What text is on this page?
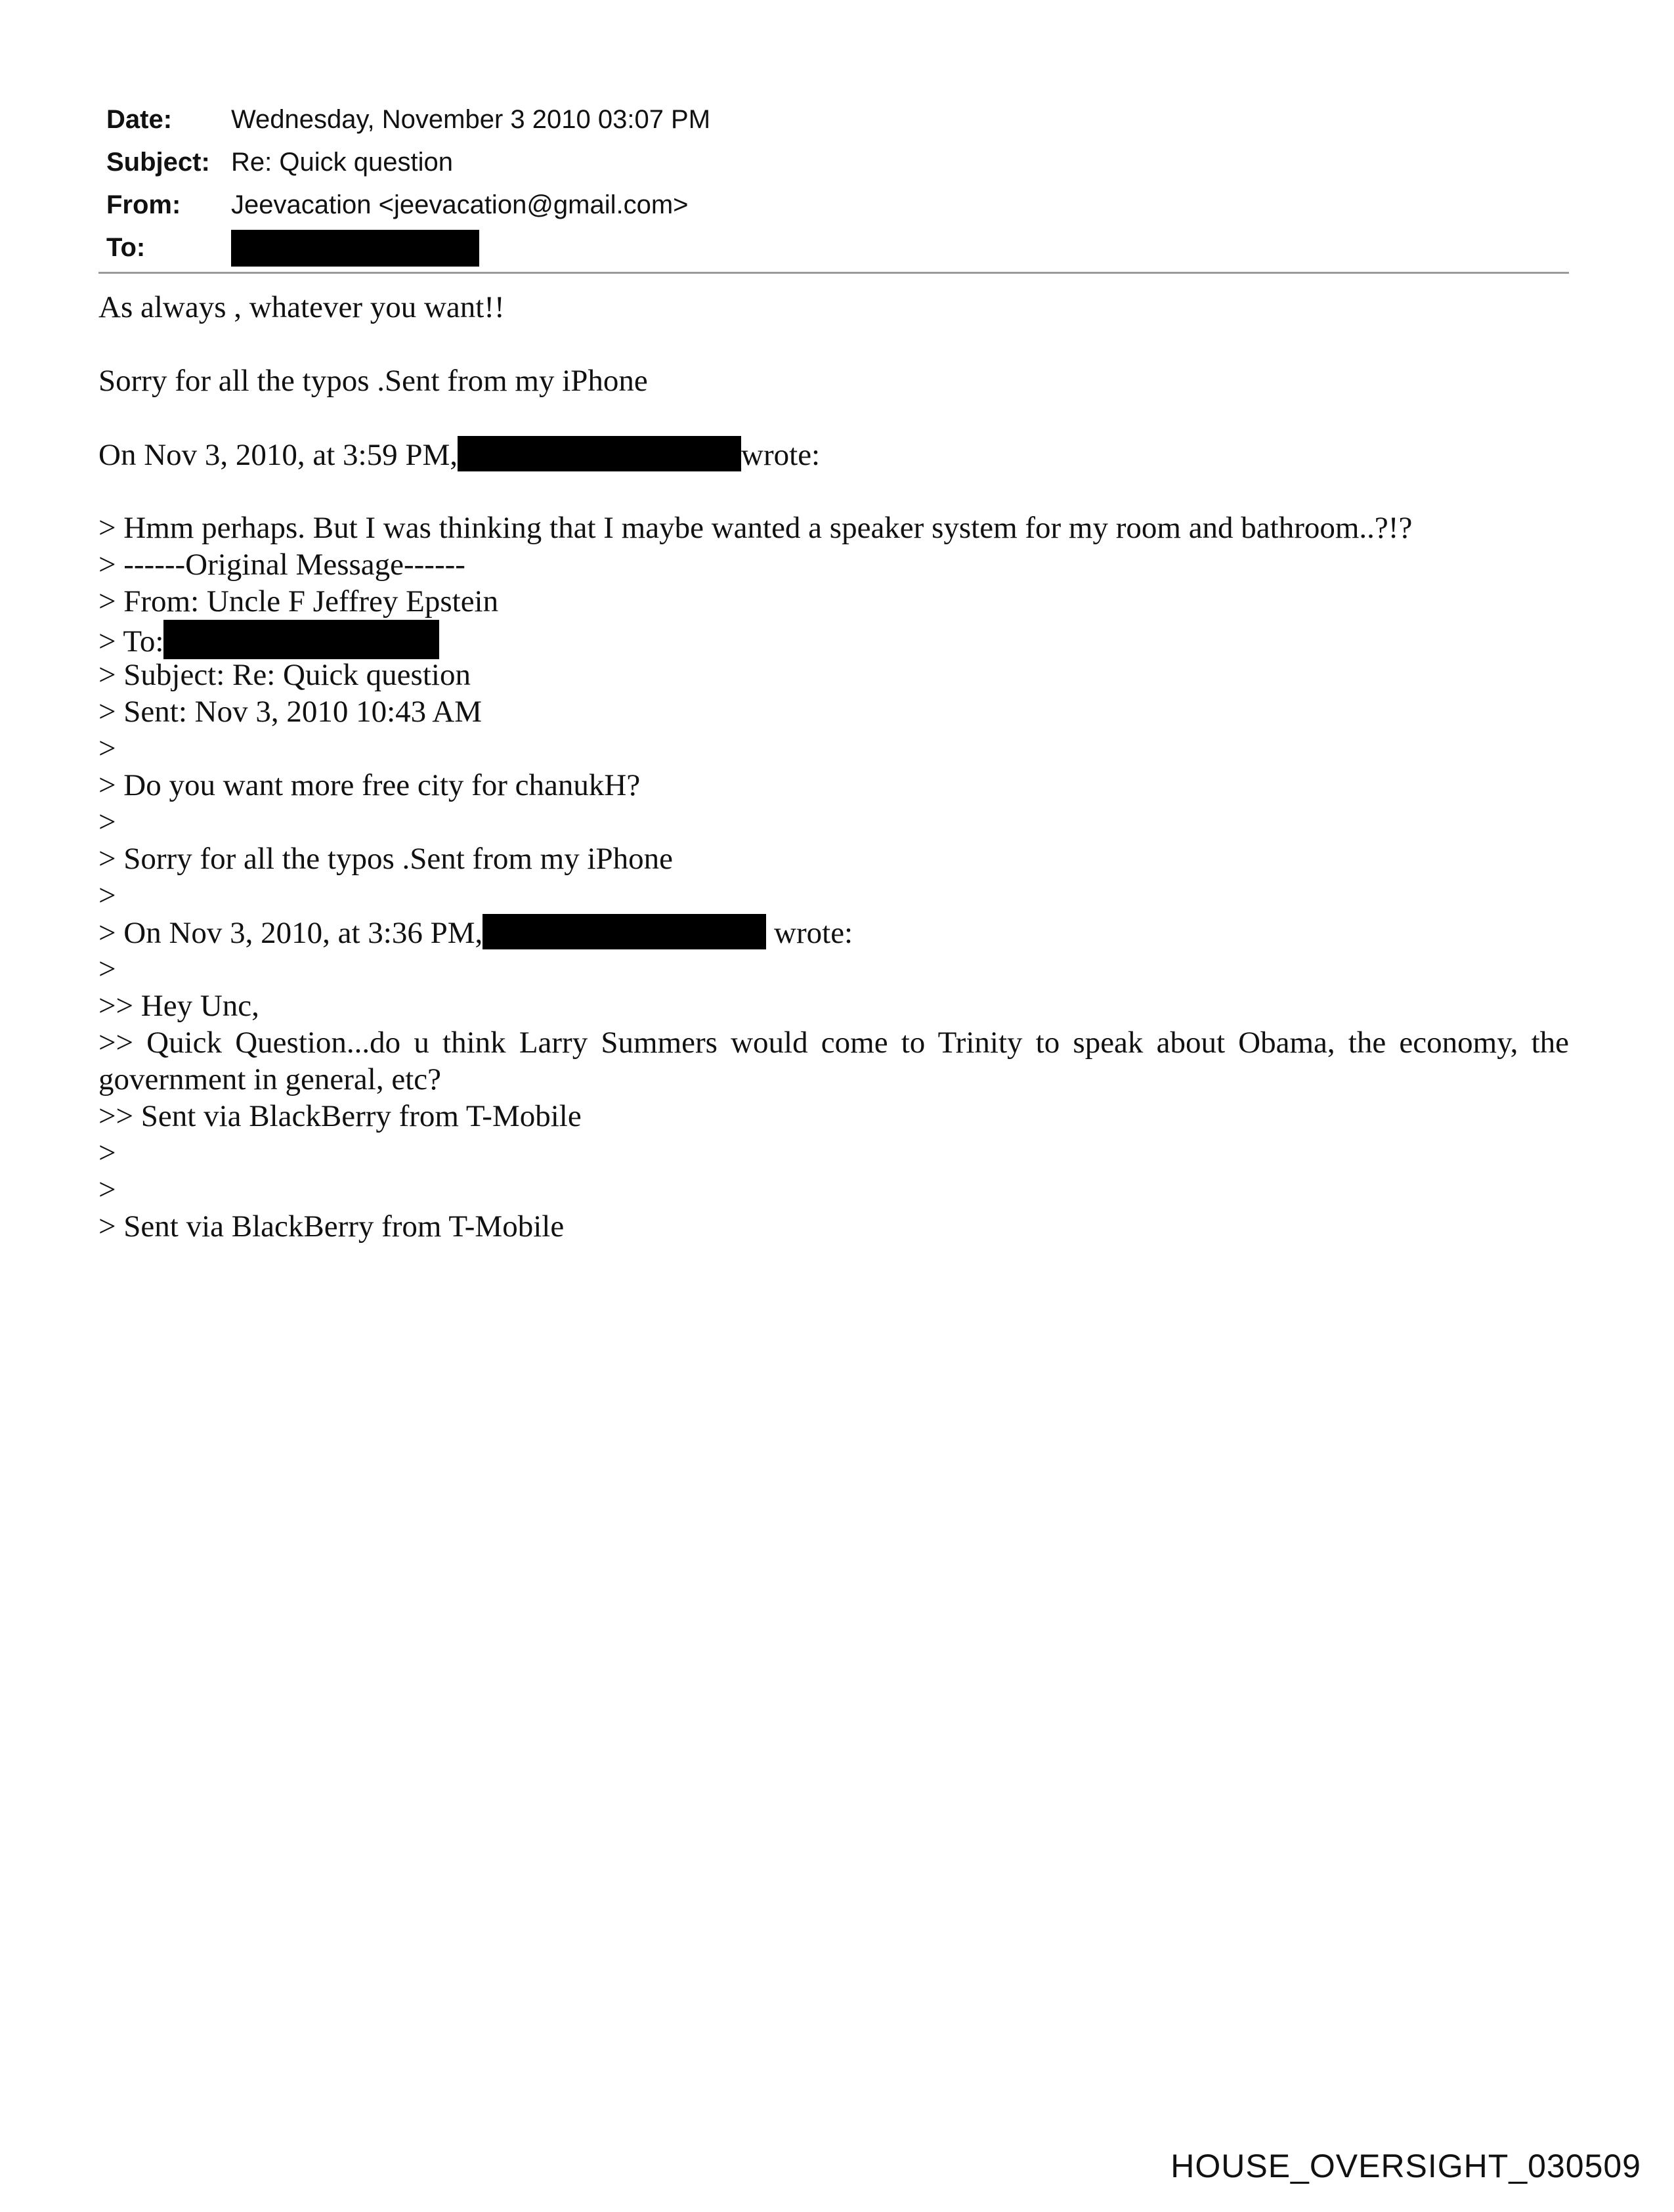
Date:	Wednesday, November 3 2010 03:07 PM
Subject: Re: Quick question
From:	Jeevacation <jeevacation@gmail.com>
To:
As always , whatever you want!!
Sorry for all the typos .Sent from my iPhone
On Nov 3, 2010, at 3:59 PM,	wrote:
> Hmm perhaps. But I was thinking that I maybe wanted a speaker system for my room and bathroom..?!?
> ------Original Message------
> From: Uncle F Jeffrey Epstein
> To:
> Subject: Re: Quick question
> Sent: Nov 3, 2010 10:43 AM
>
> Do you want more free city for chanukH?
>
> Sorry for all the typos .Sent from my iPhone
>
> On Nov 3, 2010, at 3:36 PM,	wrote:
>
>> Hey Unc,
>> Quick Question...do u think Larry Summers would come to Trinity to speak about Obama, the economy, the government in general, etc?
>> Sent via BlackBerry from T-Mobile
>
>
> Sent via BlackBerry from T-Mobile
HOUSE_OVERSIGHT_030509
